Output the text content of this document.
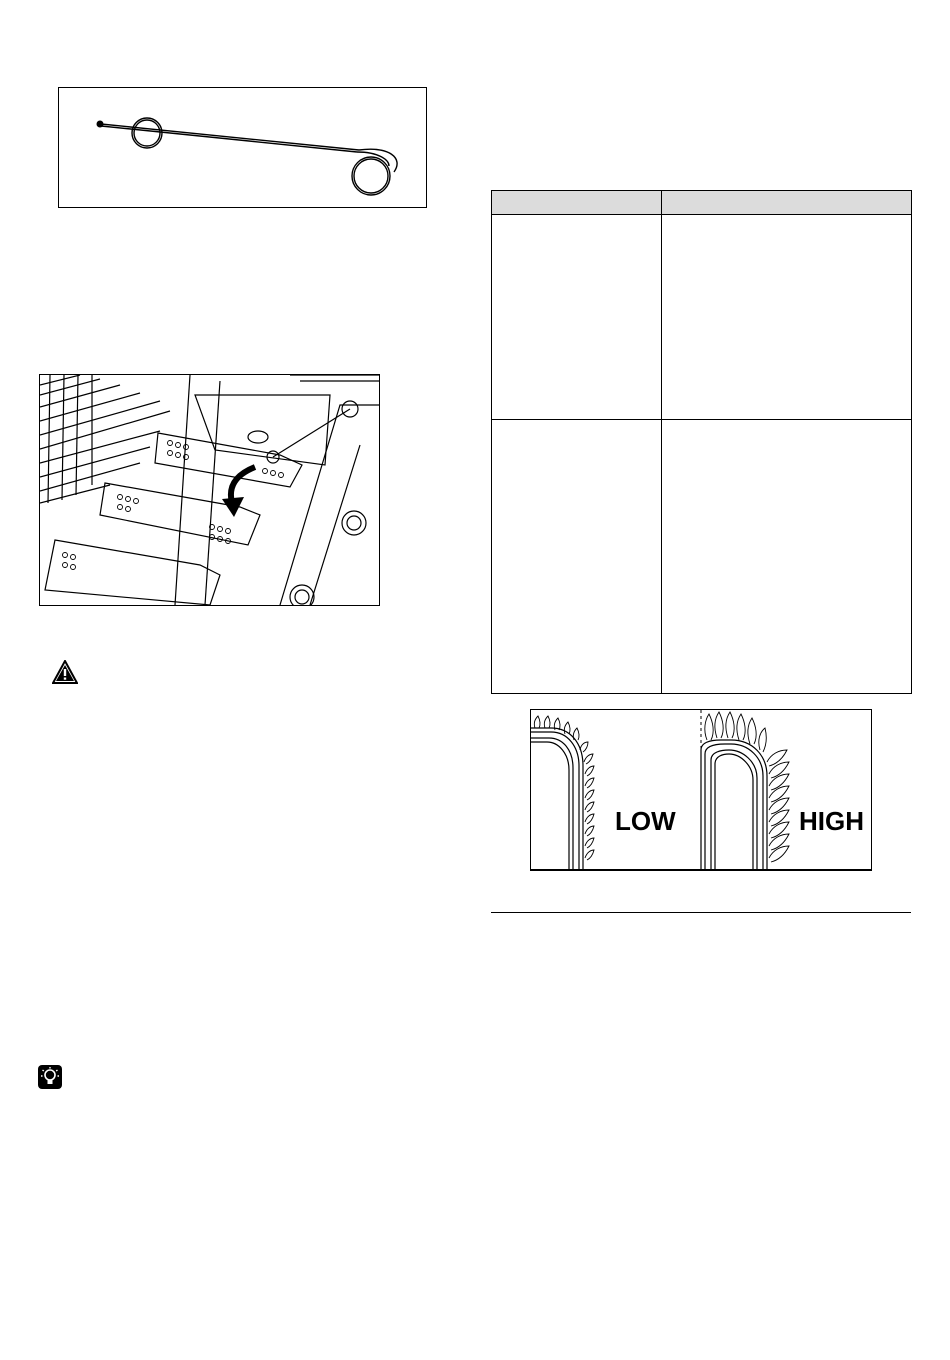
LOW	HIGH
